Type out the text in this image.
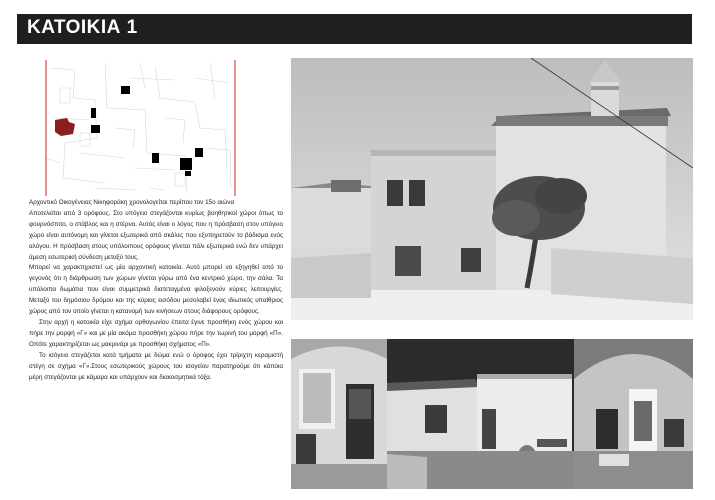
ΚΑΤΟΙΚΙΑ 1

Αρχοντικό Οικογένειας Νικηφοράκη χρονολογείται περίπου τον 15ο αιώνα

Αποτελείται από 3 ορόφους. Στο υπόγειο στεγάζονται κυρίως βοηθητικοί χώροι όπως το φουρνόσπιτο, ο στάβλος και η στέρνα. Αυτός είναι ο λόγος που η πρόσβαση στον υπόγειο χώρο είναι αυτόνομη και γίνεται εξωτερικά από σκάλες που εξυπηρετούν το βάδισμα ενός αλόγου. Η πρόσβαση στους υπόλοιπους ορόφους γίνεται πάλι εξωτερικά ενώ δεν υπάρχει άμεση εσωτερική σύνδεση μεταξύ τους.

Μπορεί να χαρακτηριστεί ως μία αρχοντική κατοικία. Αυτό μπορεί να εξηγηθεί από το γεγονός ότι η διάρθρωση των χώρων γίνεται γύρω από ένα κεντρικό χώρο, την σάλα. Τα υπόλοιπα δωμάτια που είναι συμμετρικά διατεταγμένα φιλοξενούν κύριες λειτουργίες. Μεταξύ του δημόσιου δρόμου και της κύριας εισόδου μεσολαβεί ένας ιδιωτικός υπαίθριος χώρος από τον οποίο γίνεται η κατανομή των κινήσεων στους διάφορους ορόφους.

Στην αρχή η κατοικία είχε σχήμα ορθογωνίου έπειτα έγινε προσθήκη ενός χώρου και πήρε την μορφή «Γ» και με μία ακόμα προσθήκη χώρου πήρε την τωρινή του μορφή «Π». Οπότε χαρακτηρίζεται ως μακρινάρι με προσθήκη σχήματος «Π».

Το ισόγειο στεγάζεται κατά τμήματα με δώμα ενώ ο όροφος έχει τρίριχτη κεραμιστή στέγη σε σχήμα «Γ».Στους εσωτερικούς χώρους του ισογείου παρατηρούμε ότι κάποια μέρη στεγάζονται με κάμαρα και υπάρχουν και διακοσμητικά τόξα.
